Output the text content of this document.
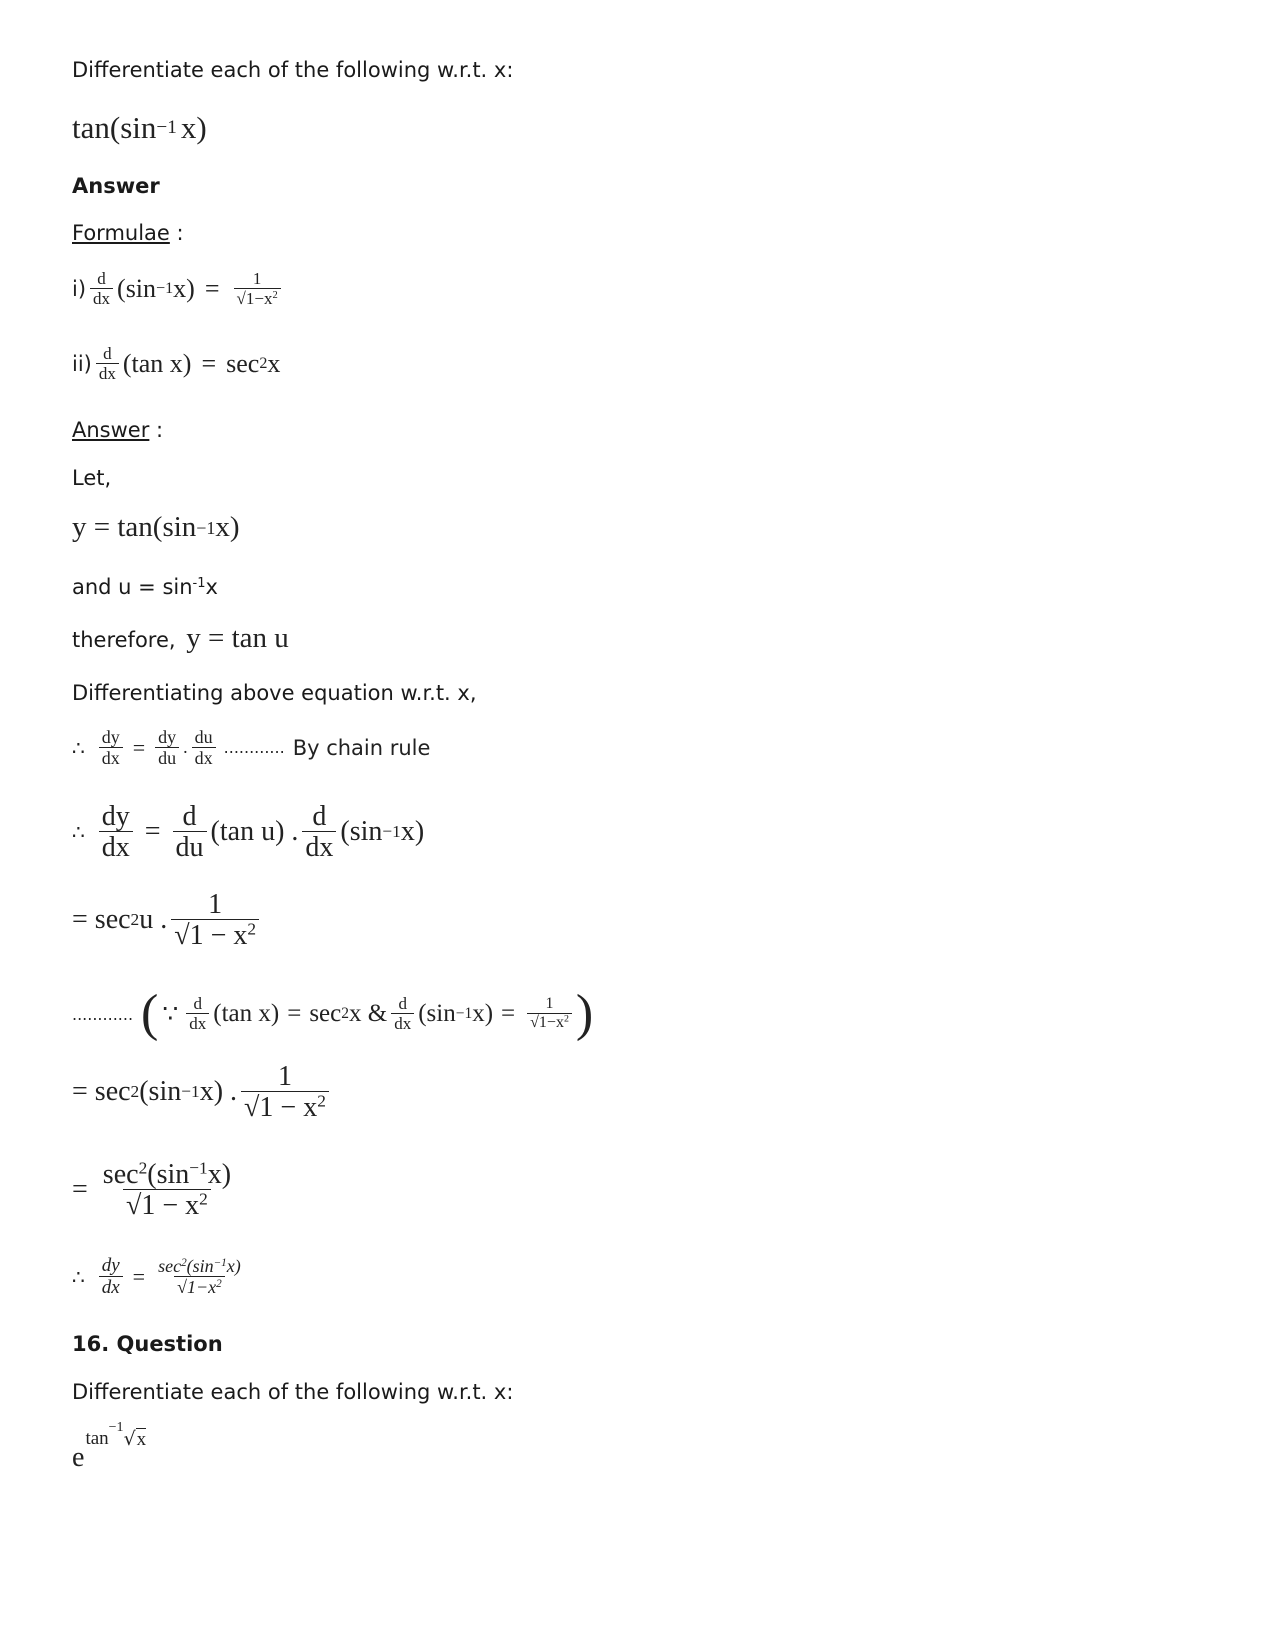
Differentiate each of the following w.r.t. x:
tan(sin −1 x)
Answer
Formulae :
$i) \frac{d}{dx} (\sin -1$ $x) = \frac{1}{√1-x^2}$
$ii) \frac{d}{dx} (\tan$ x) = sec 2 x
Answer :
Let,
y = tan(sin −1 x)
and $u = \sin^{-1}x$
therefore, y = tan u
Differentiating above equation w.r.t. x,
∴ $\frac{dy}{dx} = \frac{dy}{du}$ . $\frac{du}{dx}$ ............ By chain rule
∴ $\frac{dy}{dx} = \frac{d}{du} (\tan$ u) . $\frac{d}{dx} (\sin -1$ x)
= sec 2 u . $\frac{1}{√1 - x^2}$
............ ( ∵ $\frac{d}{dx} (\tan$ x) = sec 2 x & $\frac{d}{dx} (\sin -1$ $x) = \frac{1}{√1-x^2}$ )
= sec 2 (sin −1 x) . $\frac{1}{√1 - x^2}$
= $\frac{\sec^2(\sin^{-1}x)}{√1 - x^2}$
∴ $\frac{dy}{dx} = \frac{\sec^2(\sin^{-1}x)}{√1-x^2}$
16. Question
Differentiate each of the following w.r.t. x:
e
tan
−1
√x
